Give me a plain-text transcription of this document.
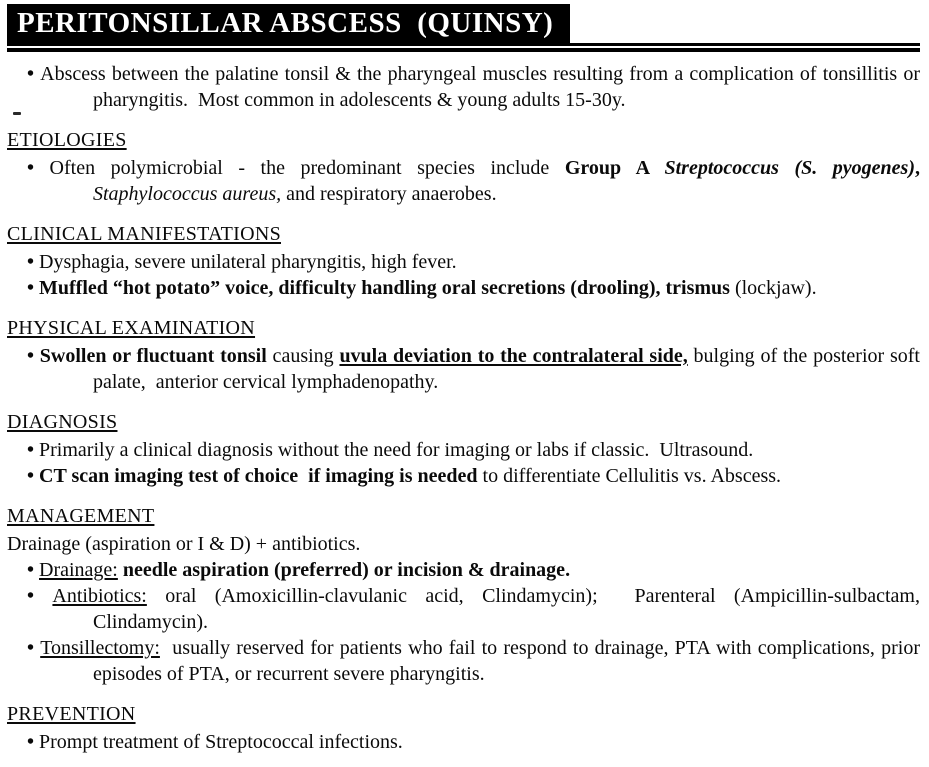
PERITONSILLAR ABSCESS  (QUINSY)

• Abscess between the palatine tonsil & the pharyngeal muscles resulting from a complication of tonsillitis or pharyngitis.  Most common in adolescents & young adults 15-30y.

ETIOLOGIES

• Often polymicrobial - the predominant species include Group A Streptococcus (S. pyogenes), Staphylococcus aureus, and respiratory anaerobes.

CLINICAL MANIFESTATIONS

• Dysphagia, severe unilateral pharyngitis, high fever.

• Muffled “hot potato” voice, difficulty handling oral secretions (drooling), trismus (lockjaw).

PHYSICAL EXAMINATION

• Swollen or fluctuant tonsil causing uvula deviation to the contralateral side, bulging of the posterior soft palate,  anterior cervical lymphadenopathy.

DIAGNOSIS

• Primarily a clinical diagnosis without the need for imaging or labs if classic.  Ultrasound.

• CT scan imaging test of choice  if imaging is needed to differentiate Cellulitis vs. Abscess.

MANAGEMENT

Drainage (aspiration or I & D) + antibiotics.

• Drainage: needle aspiration (preferred) or incision & drainage.

• Antibiotics: oral (Amoxicillin-clavulanic acid, Clindamycin);  Parenteral (Ampicillin-sulbactam, Clindamycin).

• Tonsillectomy:  usually reserved for patients who fail to respond to drainage, PTA with complications, prior episodes of PTA, or recurrent severe pharyngitis.

PREVENTION

• Prompt treatment of Streptococcal infections.
